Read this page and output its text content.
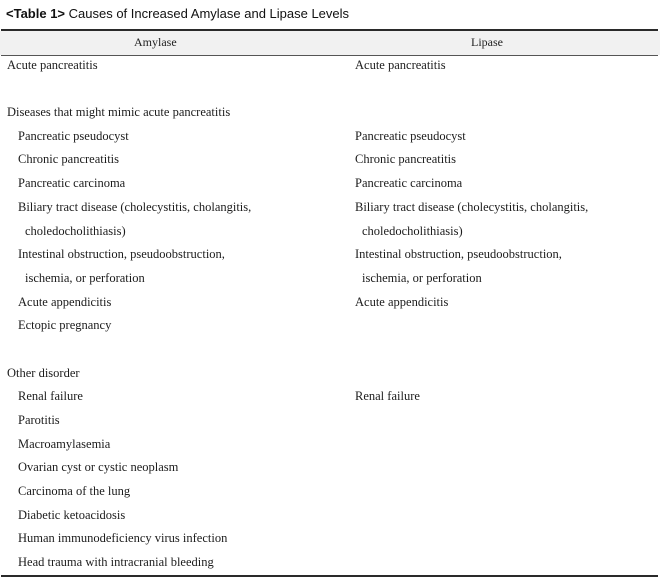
<Table 1> Causes of Increased Amylase and Lipase Levels
Amylase	Lipase
Acute pancreatitis
Diseases that might mimic acute pancreatitis
Pancreatic pseudocyst
Chronic pancreatitis
Pancreatic carcinoma
Biliary tract disease (cholecystitis, cholangitis,
choledocholithiasis)
Intestinal obstruction, pseudoobstruction,
ischemia, or perforation
Acute appendicitis
Ectopic pregnancy
Other disorder
Renal failure
Parotitis
Macroamylasemia
Ovarian cyst or cystic neoplasm
Carcinoma of the lung
Diabetic ketoacidosis
Human immunodeficiency virus infection
Head trauma with intracranial bleeding
Acute pancreatitis
Pancreatic pseudocyst
Chronic pancreatitis
Pancreatic carcinoma
Biliary tract disease (cholecystitis, cholangitis,
choledocholithiasis)
Intestinal obstruction, pseudoobstruction,
ischemia, or perforation
Acute appendicitis
Renal failure
